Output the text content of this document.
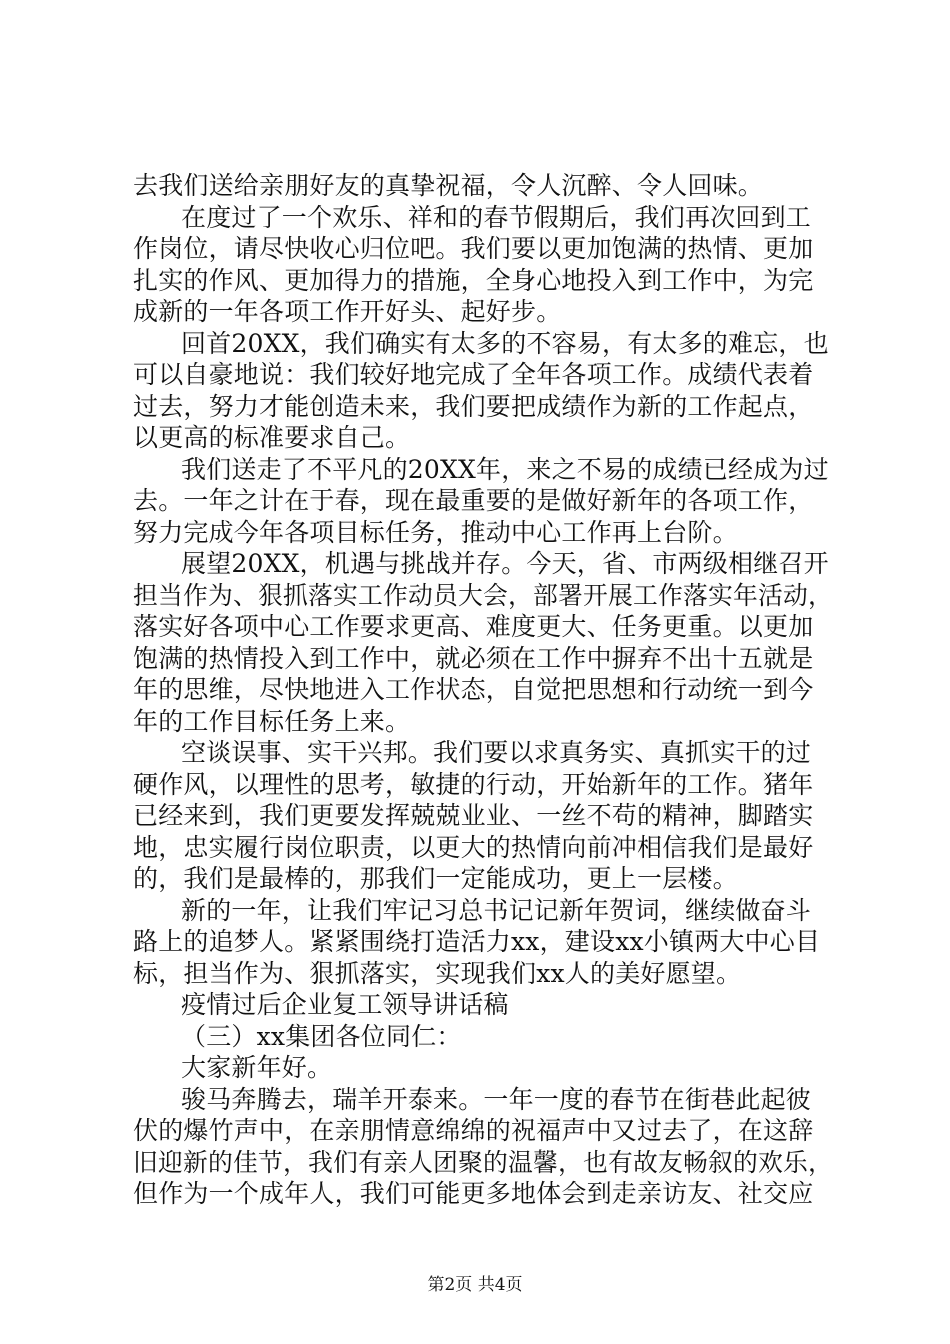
去我们送给亲朋好友的真挚祝福，令人沉醉、令人回味。
在度过了一个欢乐、祥和的春节假期后，我们再次回到工
作岗位，请尽快收心归位吧。我们要以更加饱满的热情、更加
扎实的作风、更加得力的措施，全身心地投入到工作中，为完
成新的一年各项工作开好头、起好步。
回首20XX，我们确实有太多的不容易，有太多的难忘，也
可以自豪地说：我们较好地完成了全年各项工作。成绩代表着
过去，努力才能创造未来，我们要把成绩作为新的工作起点，
以更高的标准要求自己。
我们送走了不平凡的20XX年，来之不易的成绩已经成为过
去。一年之计在于春，现在最重要的是做好新年的各项工作，
努力完成今年各项目标任务，推动中心工作再上台阶。
展望20XX，机遇与挑战并存。今天，省、市两级相继召开
担当作为、狠抓落实工作动员大会，部署开展工作落实年活动，
落实好各项中心工作要求更高、难度更大、任务更重。以更加
饱满的热情投入到工作中，就必须在工作中摒弃不出十五就是
年的思维，尽快地进入工作状态，自觉把思想和行动统一到今
年的工作目标任务上来。
空谈误事、实干兴邦。我们要以求真务实、真抓实干的过
硬作风，以理性的思考，敏捷的行动，开始新年的工作。猪年
已经来到，我们更要发挥兢兢业业、一丝不苟的精神，脚踏实
地，忠实履行岗位职责，以更大的热情向前冲相信我们是最好
的，我们是最棒的，那我们一定能成功，更上一层楼。
新的一年，让我们牢记习总书记记新年贺词，继续做奋斗
路上的追梦人。紧紧围绕打造活力xx，建设xx小镇两大中心目
标，担当作为、狠抓落实，实现我们xx人的美好愿望。
疫情过后企业复工领导讲话稿
（三）xx集团各位同仁：
大家新年好。
骏马奔腾去，瑞羊开泰来。一年一度的春节在街巷此起彼
伏的爆竹声中，在亲朋情意绵绵的祝福声中又过去了，在这辞
旧迎新的佳节，我们有亲人团聚的温馨，也有故友畅叙的欢乐，
但作为一个成年人，我们可能更多地体会到走亲访友、社交应
第2页 共4页
